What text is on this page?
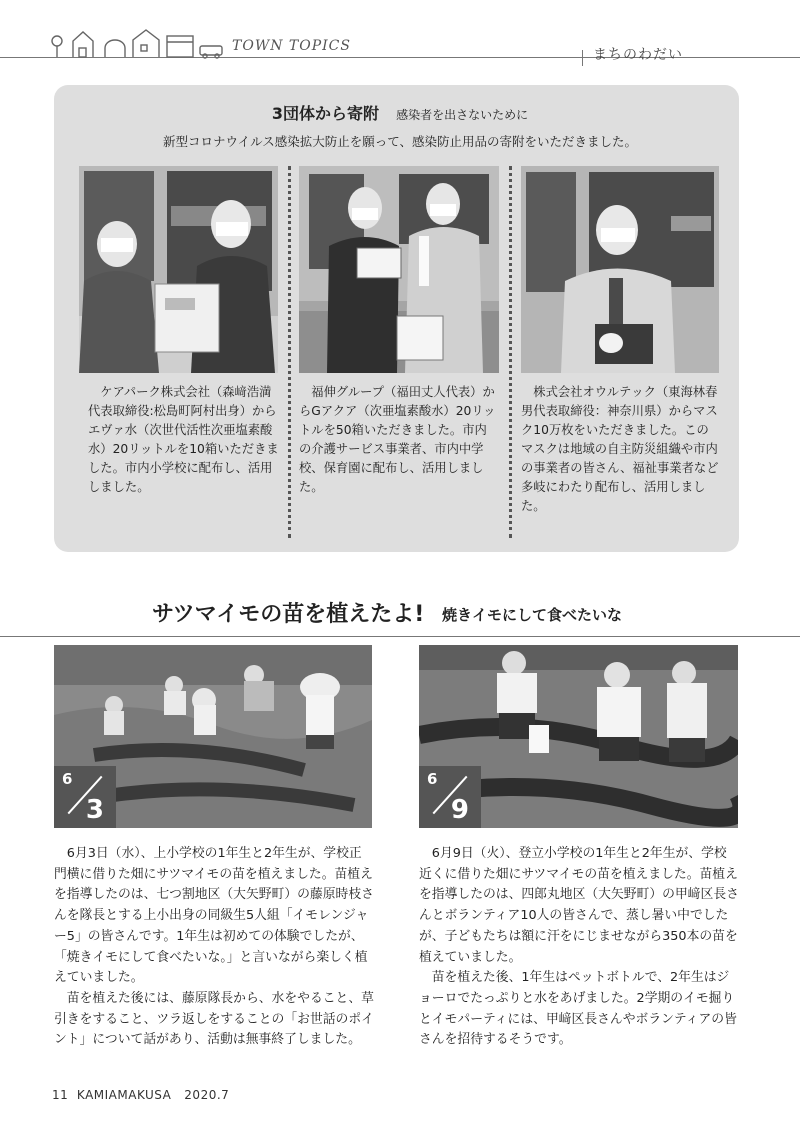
TOWN TOPICS
まちのわだい
3団体から寄附 感染者を出さないために
新型コロナウイルス感染拡大防止を願って、感染防止用品の寄附をいただきました。
ケアパーク株式会社（森﨑浩満代表取締役:松島町阿村出身）からエヴァ水（次世代活性次亜塩素酸水）20リットルを10箱いただきました。市内小学校に配布し、活用しました。
福伸グループ（福田丈人代表）からGアクア（次亜塩素酸水）20リットルを50箱いただきました。市内の介護サービス事業者、市内中学校、保育園に配布し、活用しました。
株式会社オウルテック（東海林春男代表取締役：神奈川県）からマスク10万枚をいただきました。このマスクは地域の自主防災組織や市内の事業者の皆さん、福祉事業者など多岐にわたり配布し、活用しました。
サツマイモの苗を植えたよ! 焼きイモにして食べたいな
6
3
6
9

6月3日（水）、上小学校の1年生と2年生が、学校正門横に借りた畑にサツマイモの苗を植えました。苗植えを指導したのは、七つ割地区（大矢野町）の藤原時枝さんを隊長とする上小出身の同級生5人組「イモレンジャー5」の皆さんです。1年生は初めての体験でしたが、「焼きイモにして食べたいな。」と言いながら楽しく植えていました。

苗を植えた後には、藤原隊長から、水をやること、草引きをすること、ツラ返しをすることの「お世話のポイント」について話があり、活動は無事終了しました。

6月9日（火）、登立小学校の1年生と2年生が、学校近くに借りた畑にサツマイモの苗を植えました。苗植えを指導したのは、四郎丸地区（大矢野町）の甲﨑区長さんとボランティア10人の皆さんで、蒸し暑い中でしたが、子どもたちは額に汗をにじませながら350本の苗を植えていました。

苗を植えた後、1年生はペットボトルで、2年生はジョーロでたっぷりと水をあげました。2学期のイモ掘りとイモパーティには、甲﨑区長さんやボランティアの皆さんを招待するそうです。

11 KAMIAMAKUSA 2020.7
